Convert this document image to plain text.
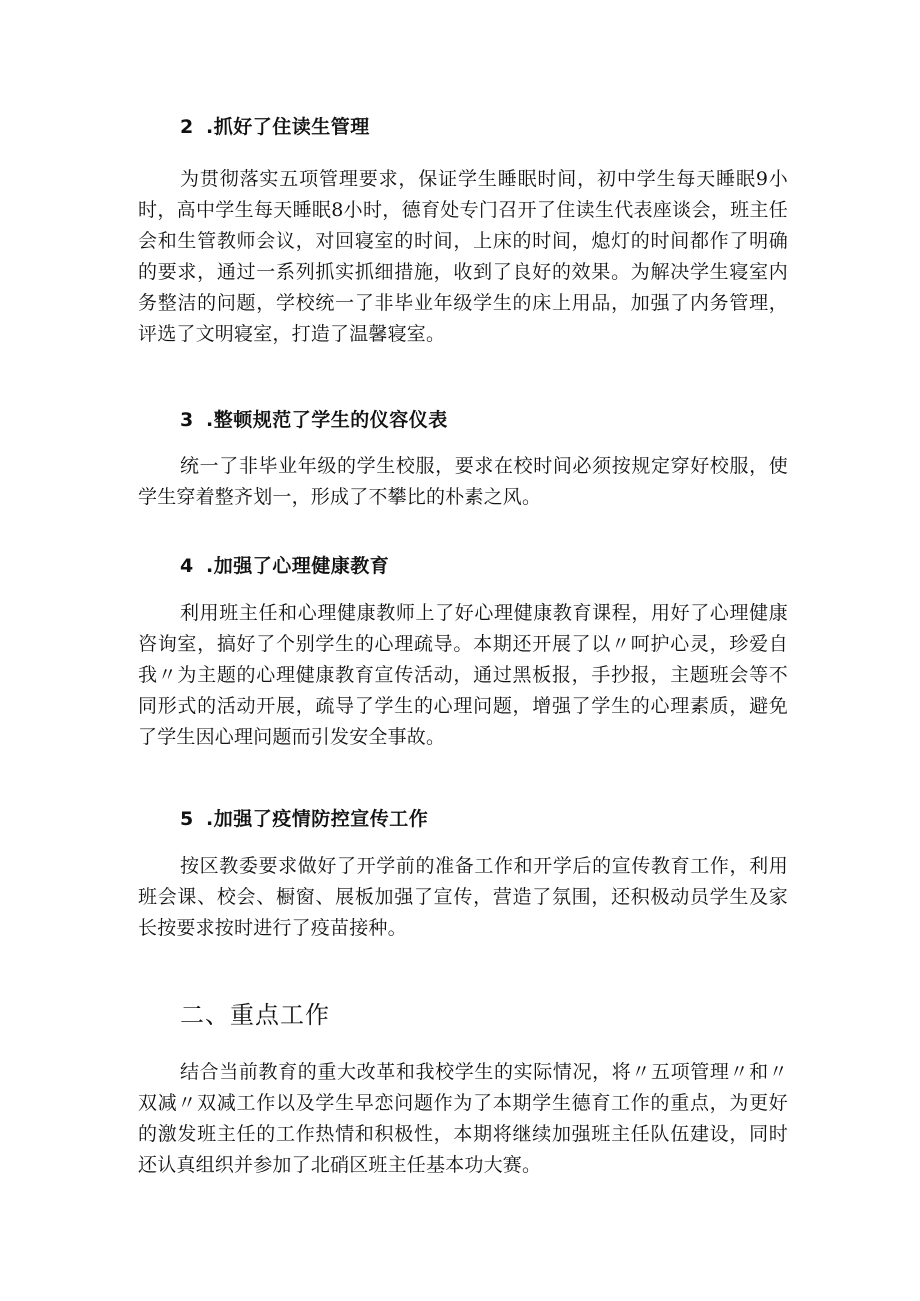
2 .抓好了住读生管理
为贯彻落实五项管理要求，保证学生睡眠时间，初中学生每天睡眠9小时，高中学生每天睡眠8小时，德育处专门召开了住读生代表座谈会，班主任会和生管教师会议，对回寝室的时间，上床的时间，熄灯的时间都作了明确的要求，通过一系列抓实抓细措施，收到了良好的效果。为解决学生寝室内务整洁的问题，学校统一了非毕业年级学生的床上用品，加强了内务管理，评选了文明寝室，打造了温馨寝室。
3 .整顿规范了学生的仪容仪表
统一了非毕业年级的学生校服，要求在校时间必须按规定穿好校服，使学生穿着整齐划一，形成了不攀比的朴素之风。
4 .加强了心理健康教育
利用班主任和心理健康教师上了好心理健康教育课程，用好了心理健康咨询室，搞好了个别学生的心理疏导。本期还开展了以〃呵护心灵，珍爱自我〃为主题的心理健康教育宣传活动，通过黑板报，手抄报，主题班会等不同形式的活动开展，疏导了学生的心理问题，增强了学生的心理素质，避免了学生因心理问题而引发安全事故。
5 .加强了疫情防控宣传工作
按区教委要求做好了开学前的准备工作和开学后的宣传教育工作，利用班会课、校会、橱窗、展板加强了宣传，营造了氛围，还积极动员学生及家长按要求按时进行了疫苗接种。
二、重点工作
结合当前教育的重大改革和我校学生的实际情况，将〃五项管理〃和〃双减〃双减工作以及学生早恋问题作为了本期学生德育工作的重点，为更好的激发班主任的工作热情和积极性，本期将继续加强班主任队伍建设，同时还认真组织并参加了北硝区班主任基本功大赛。
